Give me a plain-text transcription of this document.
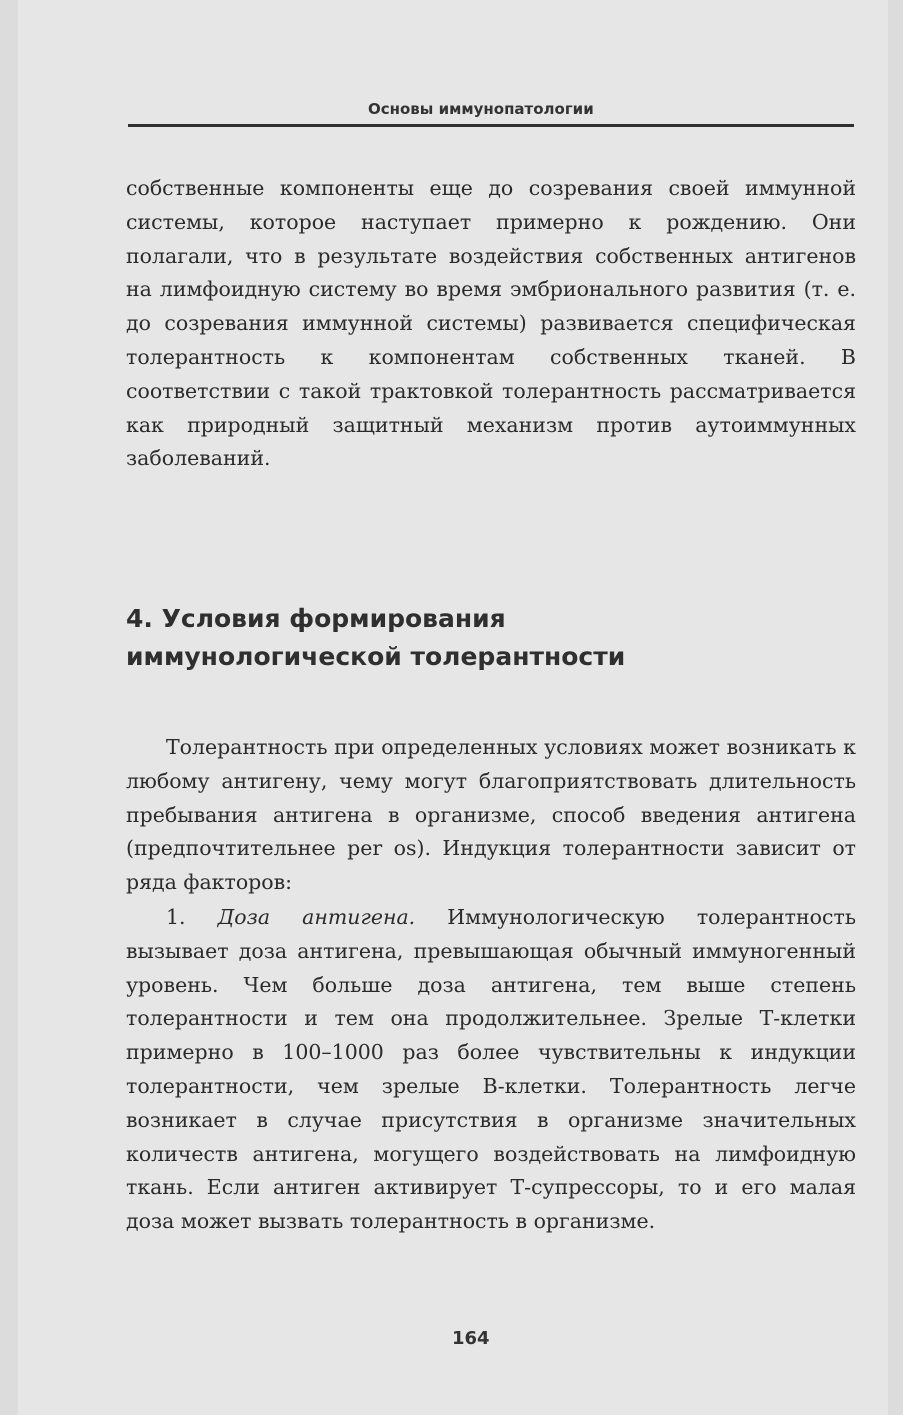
Основы иммунопатологии

собственные компоненты еще до созревания своей иммунной системы, которое наступает примерно к рождению. Они полагали, что в результате воздействия собственных антигенов на лимфоидную систему во время эмбрионального развития (т. е. до созревания иммунной системы) развивается специфическая толерантность к компонентам собственных тканей. В соответствии с такой трактовкой толерантность рассматривается как природный защитный механизм против аутоиммунных заболеваний.

4. Условия формирования
иммунологической толерантности

Толерантность при определенных условиях может возникать к любому антигену, чему могут благоприятствовать длительность пребывания антигена в организме, способ введения антигена (предпочтительнее per os). Индукция толерантности зависит от ряда факторов:

1. Доза антигена. Иммунологическую толерантность вызывает доза антигена, превышающая обычный иммуногенный уровень. Чем больше доза антигена, тем выше степень толерантности и тем она продолжительнее. Зрелые Т-клетки примерно в 100–1000 раз более чувствительны к индукции толерантности, чем зрелые В-клетки. Толерантность легче возникает в случае присутствия в организме значительных количеств антигена, могущего воздействовать на лимфоидную ткань. Если антиген активирует Т-супрессоры, то и его малая доза может вызвать толерантность в организме.

164
